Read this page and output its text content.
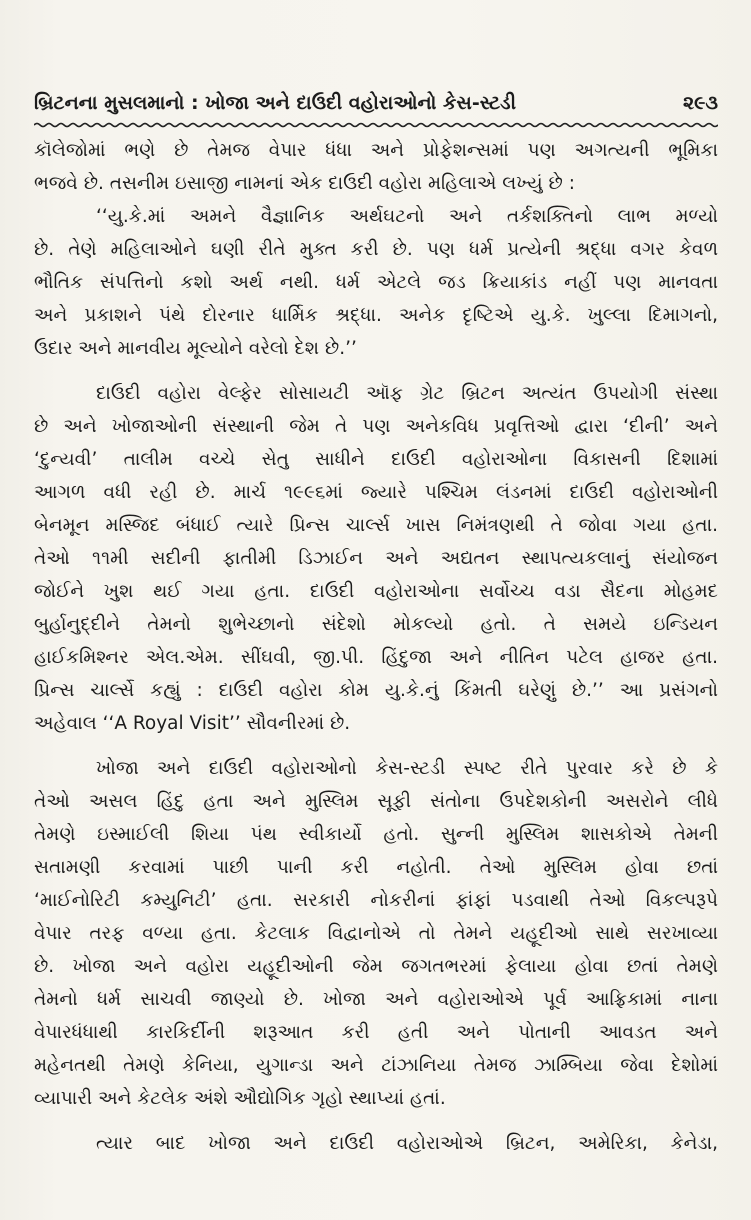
બ્રિટનના મુસલમાનો : ખોજા અને દાઉદી વહોરાઓનો કેસ-સ્ટડી	૨૯૩
કૉલેજોમાં ભણે છે તેમજ વેપાર ધંધા અને પ્રોફેશન્સમાં પણ અગત્યની ભૂમિકા
ભજવે છે. તસનીમ ઇસાજી નામનાં એક દાઉદી વહોરા મહિલાએ લખ્યું છે :
‘‘યુ.કે.માં અમને વૈજ્ઞાનિક અર્થઘટનો અને તર્કશક્તિનો લાભ મળ્યો
છે. તેણે મહિલાઓને ઘણી રીતે મુક્ત કરી છે. પણ ધર્મ પ્રત્યેની શ્રદ્ધા વગર કેવળ
ભૌતિક સંપત્તિનો કશો અર્થ નથી. ધર્મ એટલે જડ ક્રિયાકાંડ નહીં પણ માનવતા
અને પ્રકાશને પંથે દોરનાર ધાર્મિક શ્રદ્ધા. અનેક દૃષ્ટિએ યુ.કે. ખુલ્લા દિમાગનો,
ઉદાર અને માનવીય મૂલ્યોને વરેલો દેશ છે.’’
દાઉદી વહોરા વેલ્ફેર સોસાયટી ઑફ ગ્રેટ બ્રિટન અત્યંત ઉપયોગી સંસ્થા
છે અને ખોજાઓની સંસ્થાની જેમ તે પણ અનેકવિધ પ્રવૃત્તિઓ દ્વારા ‘દીની’ અને
‘દુન્યવી’ તાલીમ વચ્ચે સેતુ સાધીને દાઉદી વહોરાઓના વિકાસની દિશામાં
આગળ વધી રહી છે. માર્ચ ૧૯૯૬માં જ્યારે પશ્ચિમ લંડનમાં દાઉદી વહોરાઓની
બેનમૂન મસ્જિદ બંધાઈ ત્યારે પ્રિન્સ ચાર્લ્સ ખાસ નિમંત્રણથી તે જોવા ગયા હતા.
તેઓ ૧૧મી સદીની ફાતીમી ડિઝાઈન અને અદ્યતન સ્થાપત્યકલાનું સંયોજન
જોઈને ખુશ થઈ ગયા હતા. દાઉદી વહોરાઓના સર્વોચ્ચ વડા સૈદના મોહમદ
બુર્હાનુદ્દીને તેમનો શુભેચ્છાનો સંદેશો મોકલ્યો હતો. તે સમયે ઇન્ડિયન
હાઈકમિશ્નર એલ.એમ. સીંઘવી, જી.પી. હિંદુજા અને નીતિન પટેલ હાજર હતા.
પ્રિન્સ ચાર્લ્સે કહ્યું : દાઉદી વહોરા કોમ યુ.કે.નું કિંમતી ઘરેણું છે.’’ આ પ્રસંગનો
અહેવાલ ‘‘A Royal Visit’’ સૌવનીરમાં છે.
ખોજા અને દાઉદી વહોરાઓનો કેસ-સ્ટડી સ્પષ્ટ રીતે પુરવાર કરે છે કે
તેઓ અસલ હિંદુ હતા અને મુસ્લિમ સૂફી સંતોના ઉપદેશકોની અસરોને લીધે
તેમણે ઇસ્માઈલી શિયા પંથ સ્વીકાર્યો હતો. સુન્ની મુસ્લિમ શાસકોએ તેમની
સતામણી કરવામાં પાછી પાની કરી નહોતી. તેઓ મુસ્લિમ હોવા છતાં
‘માઈનોરિટી કમ્યુનિટી’ હતા. સરકારી નોકરીનાં ફાંફાં પડવાથી તેઓ વિકલ્પરૂપે
વેપાર તરફ વળ્યા હતા. કેટલાક વિદ્વાનોએ તો તેમને યહૂદીઓ સાથે સરખાવ્યા
છે. ખોજા અને વહોરા યહૂદીઓની જેમ જગતભરમાં ફેલાયા હોવા છતાં તેમણે
તેમનો ધર્મ સાચવી જાણ્યો છે. ખોજા અને વહોરાઓએ પૂર્વ આફ્રિકામાં નાના
વેપારધંધાથી કારકિર્દીની શરૂઆત કરી હતી અને પોતાની આવડત અને
મહેનતથી તેમણે કેનિયા, યુગાન્ડા અને ટાંઝાનિયા તેમજ ઝામ્બિયા જેવા દેશોમાં
વ્યાપારી અને કેટલેક અંશે ઔદ્યોગિક ગૃહો સ્થાપ્યાં હતાં.
ત્યાર બાદ ખોજા અને દાઉદી વહોરાઓએ બ્રિટન, અમેરિકા, કેનેડા,
